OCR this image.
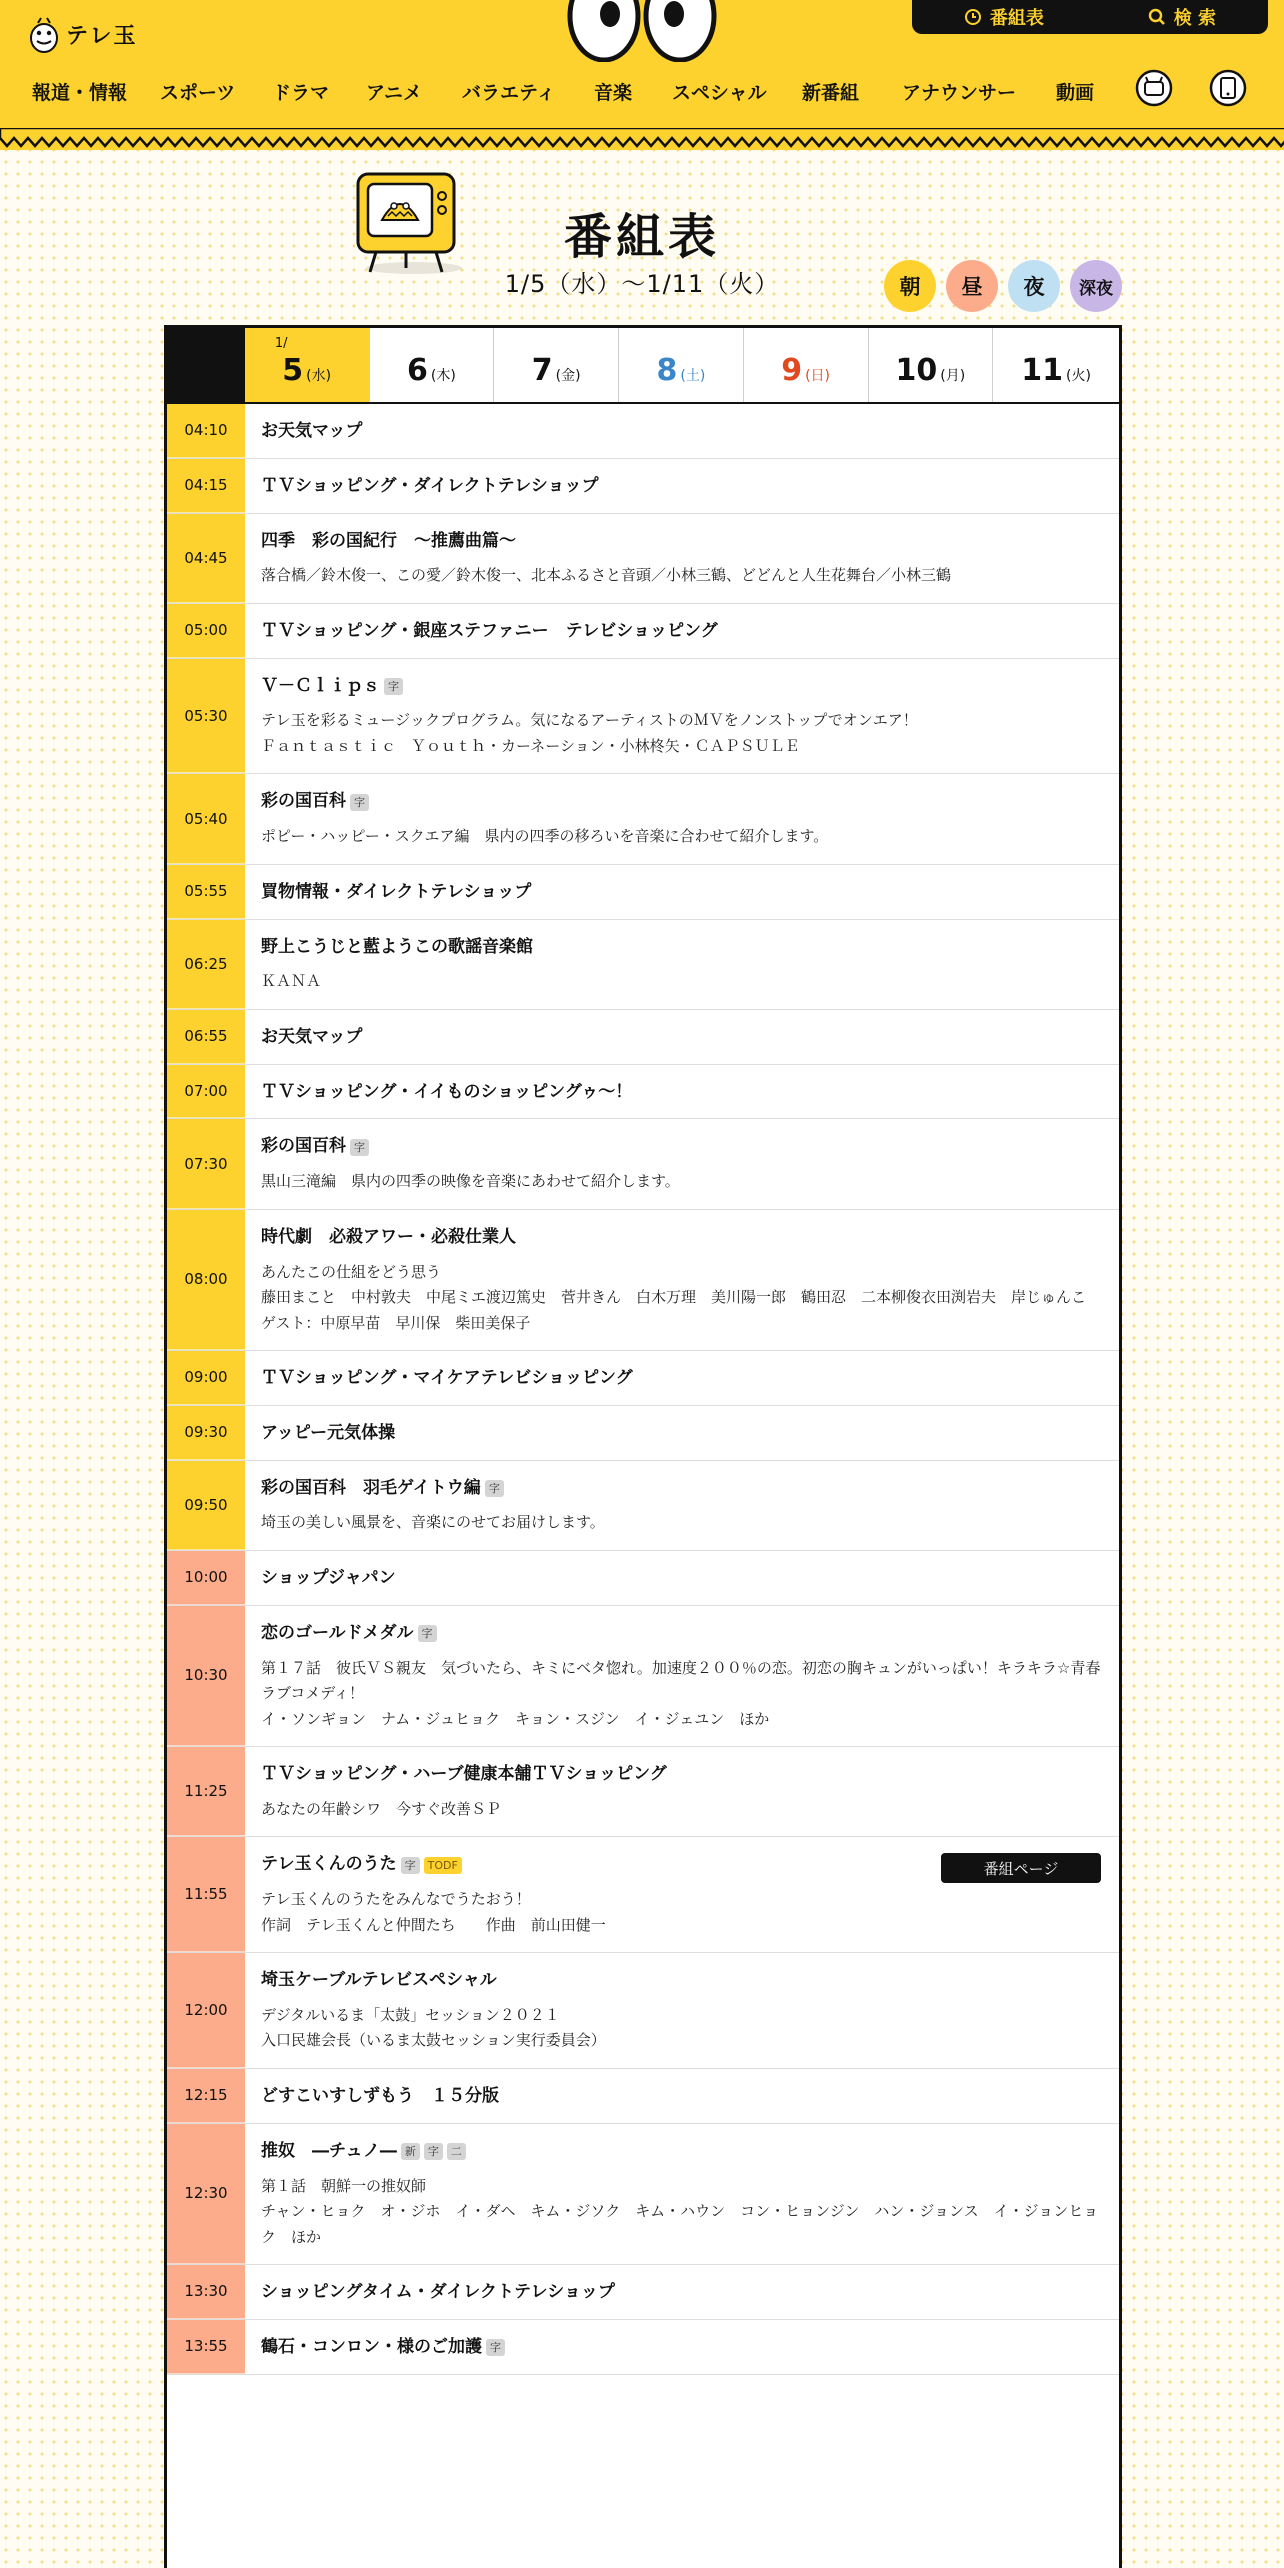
テレ玉
番組表	検 索
報道・情報 スポーツ ドラマ アニメ バラエティ 音楽 スペシャル 新番組 アナウンサー 動画
番組表
1/5（水）〜1/11（火）	朝	昼	夜	深夜
1/
5 (水)	6 (木)	7 (金)	8 (土)	9 (日) 10 (月) 11 (火)
04:10	お天気マップ
04:15	ＴＶショッピング・ダイレクトテレショップ
04:45
四季　彩の国紀行　～推薦曲篇～
落合橋／鈴木俊一、この愛／鈴木俊一、北本ふるさと音頭／小林三鶴、どどんと人生花舞台／小林三鶴
05:00	ＴＶショッピング・銀座ステファニー　テレビショッピング
05:30
Ｖ－Ｃｌｉｐｓ 字
テレ玉を彩るミュージックプログラム。気になるアーティストのＭＶをノンストップでオンエア！
Ｆａｎｔａｓｔｉｃ　Ｙｏｕｔｈ・カーネーション・小林柊矢・ＣＡＰＳＵＬＥ
05:40
彩の国百科 字
ポピー・ハッピー・スクエア編　県内の四季の移ろいを音楽に合わせて紹介します。
05:55	買物情報・ダイレクトテレショップ
06:25
野上こうじと藍ようこの歌謡音楽館
ＫＡＮＡ
06:55	お天気マップ
07:00	ＴＶショッピング・イイものショッピングゥ～！
07:30
彩の国百科 字
黒山三滝編　県内の四季の映像を音楽にあわせて紹介します。
08:00
時代劇　必殺アワー・必殺仕業人
あんたこの仕組をどう思う
藤田まこと　中村敦夫　中尾ミエ渡辺篤史　菅井きん　白木万理　美川陽一郎　鶴田忍　二本柳俊衣田渕岩夫　岸じゅんこ　ゲスト：中原早苗　早川保　柴田美保子
09:00	ＴＶショッピング・マイケアテレビショッピング
09:30	アッピー元気体操
09:50
彩の国百科　羽毛ゲイトウ編 字
埼玉の美しい風景を、音楽にのせてお届けします。
10:00	ショップジャパン
10:30
恋のゴールドメダル 字
第１７話　彼氏ＶＳ親友　気づいたら、キミにベタ惚れ。加速度２００％の恋。初恋の胸キュンがいっぱい！キラキラ☆青春ラブコメディ！
イ・ソンギョン　ナム・ジュヒョク　キョン・スジン　イ・ジェユン　ほか
11:25
ＴＶショッピング・ハーブ健康本舗ＴＶショッピング
あなたの年齢シワ　今すぐ改善ＳＰ
11:55
テレ玉くんのうた 字	TODF	番組ページ
テレ玉くんのうたをみんなでうたおう！
作詞　テレ玉くんと仲間たち　　作曲　前山田健一
12:00
埼玉ケーブルテレビスペシャル
デジタルいるま「太鼓」セッション２０２１
入口民雄会長（いるま太鼓セッション実行委員会）
12:15	どすこいすしずもう　１５分版
12:30
推奴　―チュノ― 新	字	二
第１話　朝鮮一の推奴師
チャン・ヒョク　オ・ジホ　イ・ダヘ　キム・ジソク　キム・ハウン　コン・ヒョンジン　ハン・ジョンス　イ・ジョンヒョク　ほか
13:30	ショッピングタイム・ダイレクトテレショップ
13:55	鶴石・コンロン・様のご加護 字
